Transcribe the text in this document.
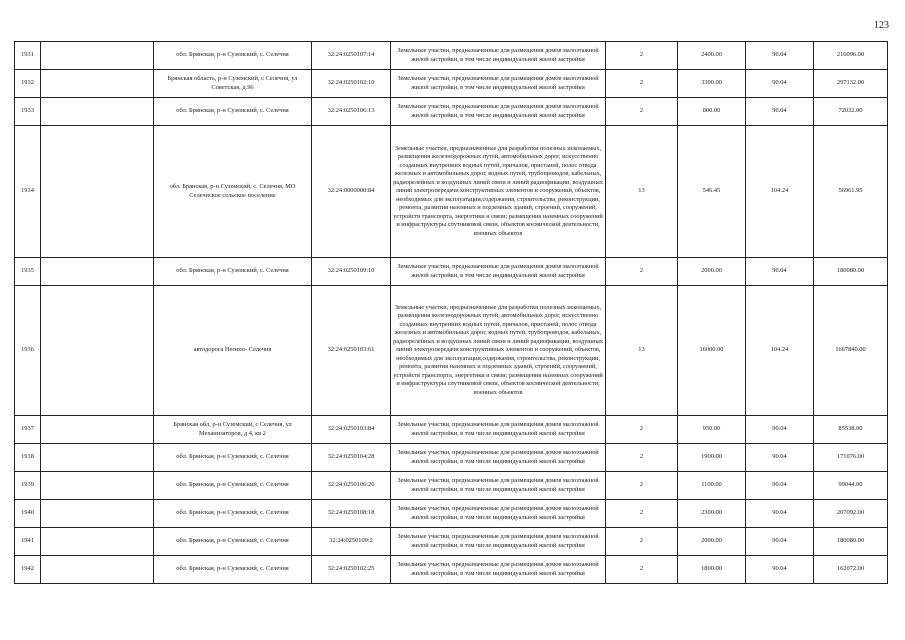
123
1931		обл. Брянская, р-н Суземский, с. Селечня	32:24:0250107:14	Земельные участки, предназначенные для размещения домов малоэтажной жилой застройки, в том числе индивидуальной жилой застройки	2	2400.00	90.04	216096.00
1932		Брянская область, р-н Суземский, с Селечня, ул Советская, д.96	32:24:0250102:10	Земельные участки, предназначенные для размещения домов малоэтажной жилой застройки, в том числе индивидуальной жилой застройки	2	3300.00	90.04	297132.00
1933		обл. Брянская, р-н Суземский, с. Селечня	32:24:0250106:13	Земельные участки, предназначенные для размещения домов малоэтажной жилой застройки, в том числе индивидуальной жилой застройки	2	800.00	90.04	72032.00
1934		обл. Брянская, р-н Суземский, с. Селечня, МО Селечнское сельское поселение	32:24:0000000:84	Земельные участки, предназначенные для разработки полезных ископаемых, размещения железнодорожных путей, автомобильных дорог, искусственно созданных внутренних водных путей, причалов, пристаней, полос отвода железных и автомобильных дорог, водных путей, трубопроводов, кабельных, радиорелейных и воздушных линий связи и линий радиофикации, воздушных линий электропередачи конструктивных элементов и сооружений, объектов, необходимых для эксплуатации,содержания, строительства, реконструкции, ремонта, развития наземных и подземных зданий, строений, сооружений, устройств транспорта, энергетики и связи; размещения наземных сооружений и инфраструктуры спутниковой связи, объектов космической деятельности, военных объектов	13	546.45	104.24	56961.95
1935		обл. Брянская, р-н Суземский, с. Селечня	32:24:0250109:10	Земельные участки, предназначенные для размещения домов малоэтажной жилой застройки, в том числе индивидуальной жилой застройки	2	2000.00	90.04	180080.00
1936		автодорога Негино- Селечня	32:24:0250103:61	Земельные участки, предназначенные для разработки полезных ископаемых, размещения железнодорожных путей, автомобильных дорог, искусственно созданных внутренних водных путей, причалов, пристаней, полос отвода железных и автомобильных дорог, водных путей, трубопроводов, кабельных, радиорелейных и воздушных линий связи и линий радиофикации, воздушных линий электропередачи конструктивных элементов и сооружений, объектов, необходимых для эксплуатации,содержания, строительства, реконструкции, ремонта, развития наземных и подземных зданий, строений, сооружений, устройств транспорта, энергетики и связи; размещения наземных сооружений и инфраструктуры спутниковой связи, объектов космической деятельности, военных объектов	13	16000.00	104.24	1667840.00
1937		Брянская обл, р-н Суземский, с Селечня, ул Механизаторов, д 4, кв 2	32:24:0250103:84	Земельные участки, предназначенные для размещения домов малоэтажной жилой застройки, в том числе индивидуальной жилой застройки	2	950.00	90.04	85538.00
1938		обл. Брянская, р-н Суземский, с. Селечня	32:24:0250104:28	Земельные участки, предназначенные для размещения домов малоэтажной жилой застройки, в том числе индивидуальной жилой застройки	2	1900.00	90.04	171076.00
1939		обл. Брянская, р-н Суземский, с. Селечня	32:24:0250106:26	Земельные участки, предназначенные для размещения домов малоэтажной жилой застройки, в том числе индивидуальной жилой застройки	2	1100.00	90.04	99044.00
1940		обл. Брянская, р-н Суземский, с. Селечня	32:24:0250108:18	Земельные участки, предназначенные для размещения домов малоэтажной жилой застройки, в том числе индивидуальной жилой застройки	2	2300.00	90.04	207092.00
1941		обл. Брянская, р-н Суземский, с. Селечня	32:24:0250109:2	Земельные участки, предназначенные для размещения домов малоэтажной жилой застройки, в том числе индивидуальной жилой застройки	2	2000.00	90.04	180080.00
1942		обл. Брянская, р-н Суземский, с. Селечня	32:24:0250102:25	Земельные участки, предназначенные для размещения домов малоэтажной жилой застройки, в том числе индивидуальной жилой застройки	2	1800.00	90.04	162072.00
